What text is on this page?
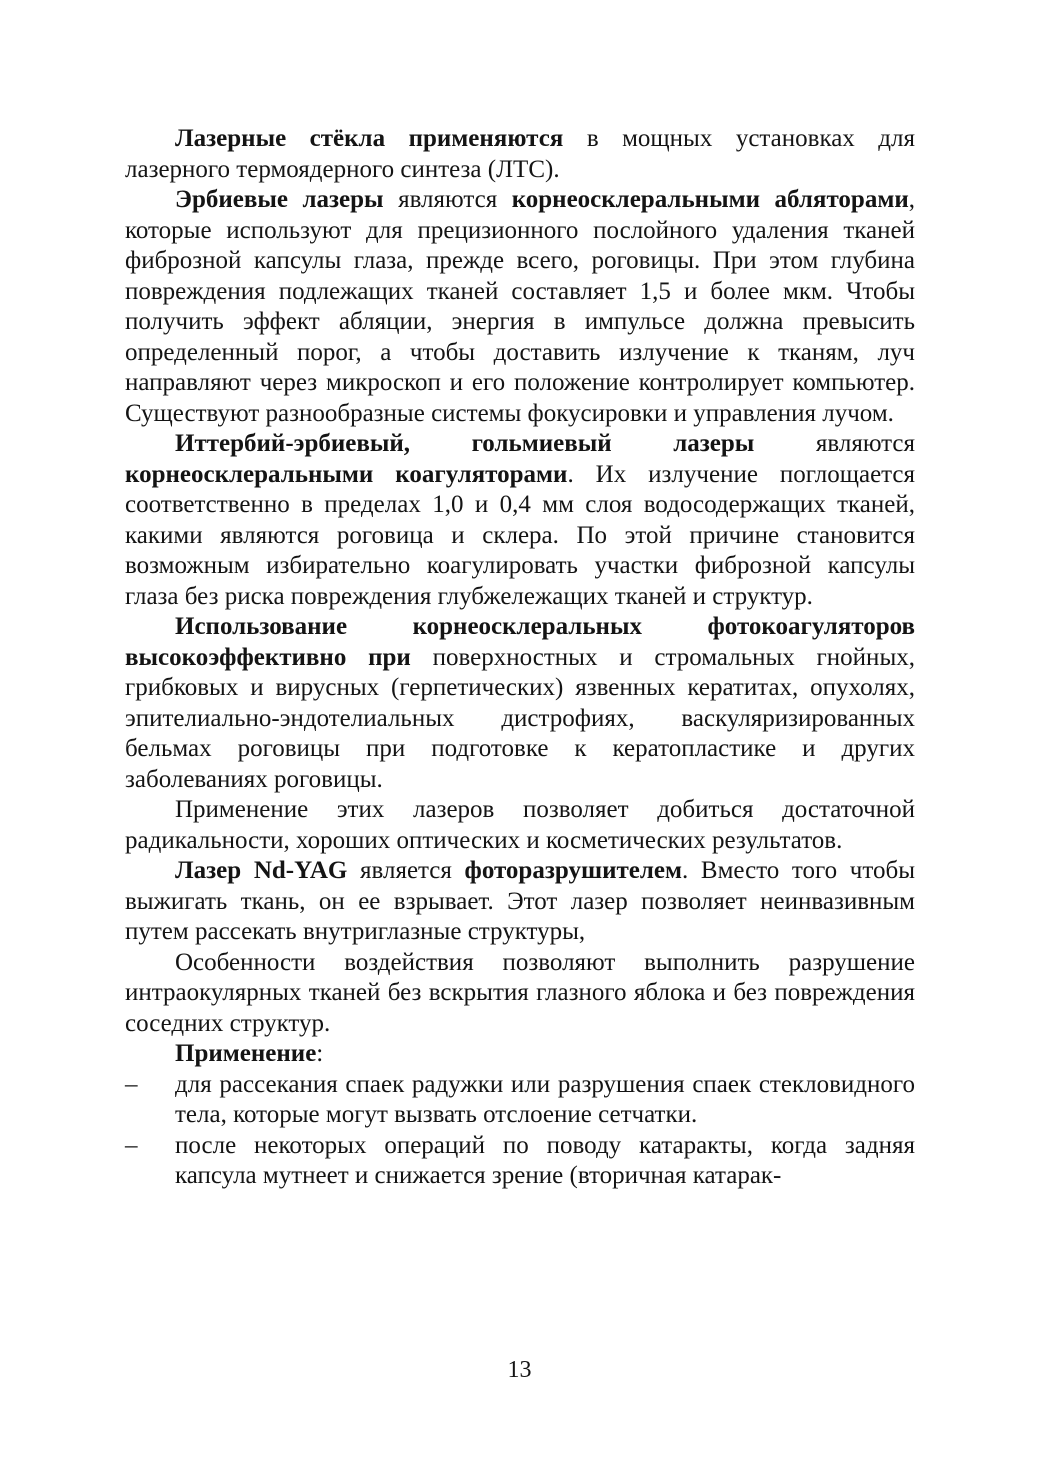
Лазерные стёкла применяются в мощных установках для лазерного термоядерного синтеза (ЛТС).

Эрбиевые лазеры являются корнеосклеральными абляторами, которые используют для прецизионного послойного удаления тканей фиброзной капсулы глаза, прежде всего, роговицы. При этом глубина повреждения подлежащих тканей составляет 1,5 и более мкм. Чтобы получить эффект абляции, энергия в импульсе должна превысить определенный порог, а чтобы доставить излучение к тканям, луч направляют через микроскоп и его положение контролирует компьютер. Существуют разнообразные системы фокусировки и управления лучом.

Иттербий-эрбиевый, гольмиевый лазеры являются корнеосклеральными коагуляторами. Их излучение поглощается соответственно в пределах 1,0 и 0,4 мм слоя водосодержащих тканей, какими являются роговица и склера. По этой причине становится возможным избирательно коагулировать участки фиброзной капсулы глаза без риска повреждения глубжележащих тканей и структур.

Использование корнеосклеральных фотокоагуляторов высокоэффективно при поверхностных и стромальных гнойных, грибковых и вирусных (герпетических) язвенных кератитах, опухолях, эпителиально-эндотелиальных дистрофиях, васкуляризированных бельмах роговицы при подготовке к кератопластике и других заболеваниях роговицы.

Применение этих лазеров позволяет добиться достаточной радикальности, хороших оптических и косметических результатов.

Лазер Nd-YAG является фоторазрушителем. Вместо того чтобы выжигать ткань, он ее взрывает. Этот лазер позволяет неинвазивным путем рассекать внутриглазные структуры,

Особенности воздействия позволяют выполнить разрушение интраокулярных тканей без вскрытия глазного яблока и без повреждения соседних структур.

Применение:

–	для рассекания спаек радужки или разрушения спаек стекловидного тела, которые могут вызвать отслоение сетчатки.

–	после некоторых операций по поводу катаракты, когда задняя капсула мутнеет и снижается зрение (вторичная катарак-

13
